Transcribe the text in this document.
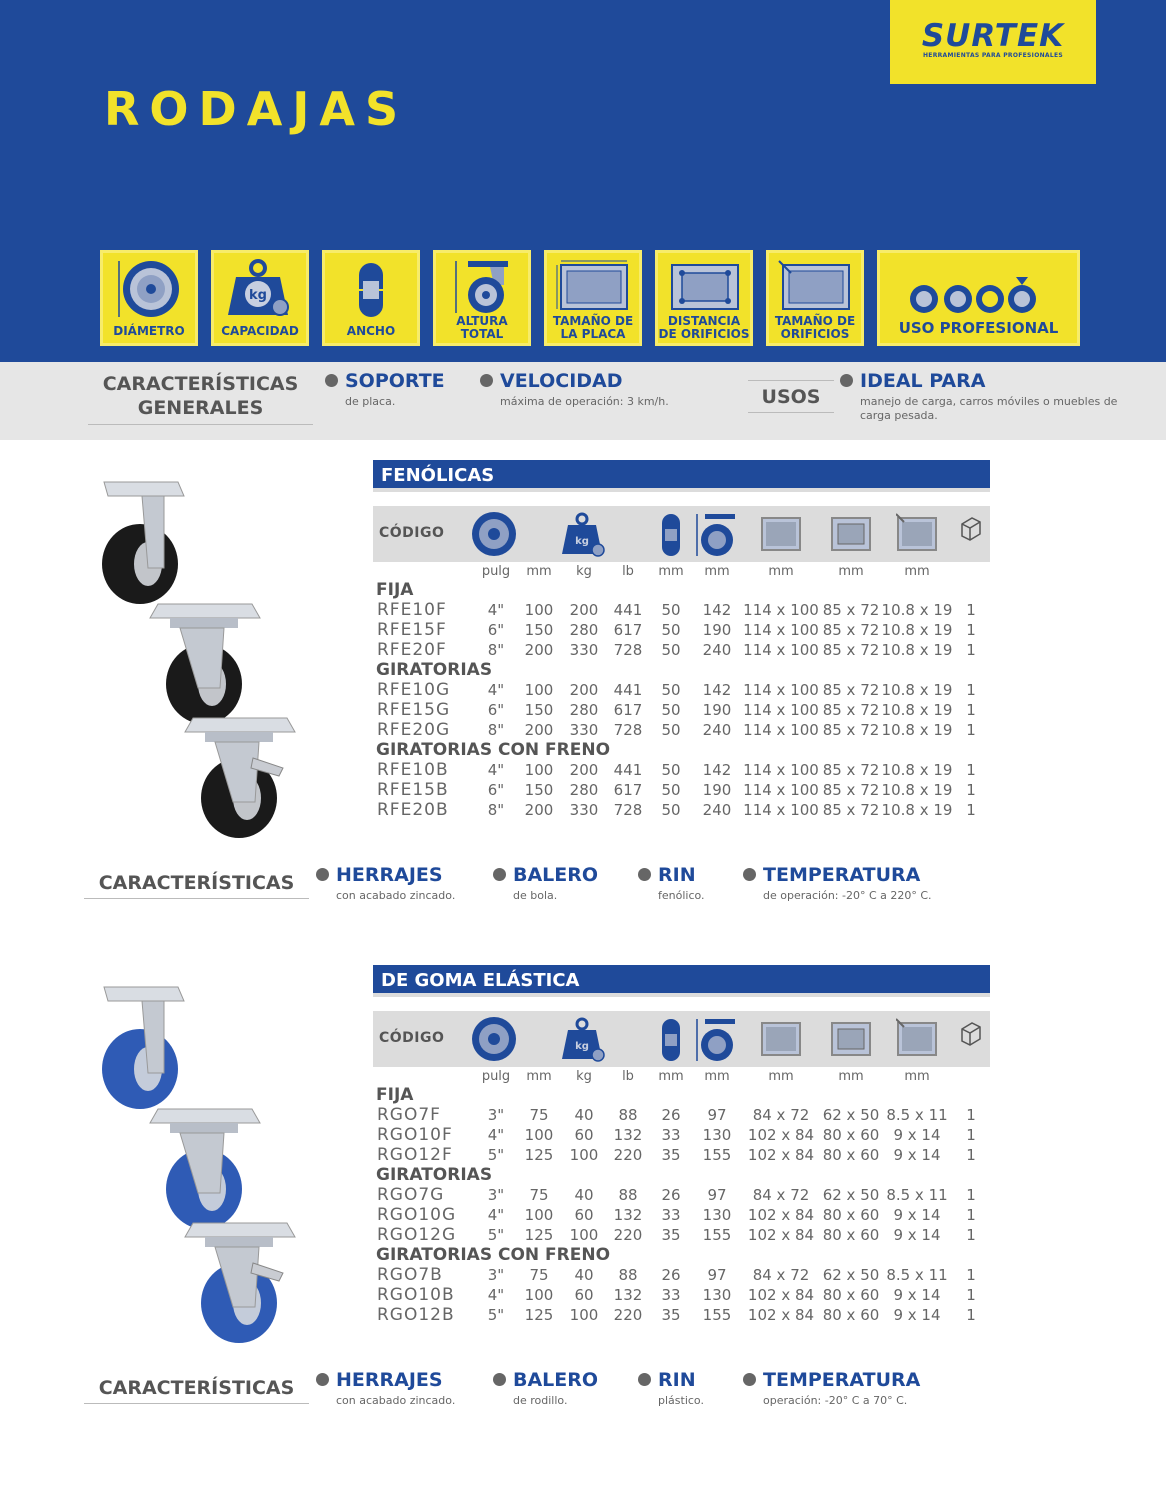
RODAJAS
SURTEK
HERRAMIENTAS PARA PROFESIONALES
DIÁMETRO
kg
CAPACIDAD	ANCHO
ALTURA TOTAL
TAMAÑO DE LA PLACA
DISTANCIA DE ORIFICIOS
TAMAÑO DE ORIFICIOS	USO PROFESIONAL
CARACTERÍSTICAS GENERALES
SOPORTE
de placa.
VELOCIDAD
máxima de operación: 3 km/h.	USOS
IDEAL PARA
manejo de carga, carros móviles o muebles de carga pesada.
FENÓLICAS
CÓDIGO
kg
pulg	mm	kg	lb	mm	mm	mm	mm	mm
FIJA
RFE10F	4"	100	200	441	50	142 114 x 100 85 x 72 10.8 x 19 1
RFE15F	6"	150	280	617	50	190 114 x 100 85 x 72 10.8 x 19 1
RFE20F	8"	200	330	728	50	240 114 x 100 85 x 72 10.8 x 19 1
GIRATORIAS
RFE10G	4"	100	200	441	50	142 114 x 100 85 x 72 10.8 x 19 1
RFE15G	6"	150	280	617	50	190 114 x 100 85 x 72 10.8 x 19 1
RFE20G	8"	200	330	728	50	240 114 x 100 85 x 72 10.8 x 19 1
GIRATORIAS CON FRENO
RFE10B	4"	100	200	441	50	142 114 x 100 85 x 72 10.8 x 19 1
RFE15B	6"	150	280	617	50	190 114 x 100 85 x 72 10.8 x 19 1
RFE20B	8"	200	330	728	50	240 114 x 100 85 x 72 10.8 x 19 1
CARACTERÍSTICAS	HERRAJES
con acabado zincado.
BALERO
de bola.
RIN
fenólico.
TEMPERATURA
de operación: -20° C a 220° C.
DE GOMA ELÁSTICA
CÓDIGO
kg
pulg	mm	kg	lb	mm	mm	mm	mm	mm
FIJA
RGO7F	3"	75	40	88	26	97	84 x 72 62 x 50 8.5 x 11	1
RGO10F	4"	100	60	132	33	130	102 x 84 80 x 60 9 x 14	1
RGO12F	5"	125	100	220	35	155	102 x 84 80 x 60 9 x 14	1
GIRATORIAS
RGO7G	3"	75	40	88	26	97	84 x 72 62 x 50 8.5 x 11	1
RGO10G	4"	100	60	132	33	130	102 x 84 80 x 60 9 x 14	1
RGO12G	5"	125	100	220	35	155	102 x 84 80 x 60 9 x 14	1
GIRATORIAS CON FRENO
RGO7B	3"	75	40	88	26	97	84 x 72 62 x 50 8.5 x 11	1
RGO10B	4"	100	60	132	33	130	102 x 84 80 x 60 9 x 14	1
RGO12B	5"	125	100	220	35	155	102 x 84 80 x 60 9 x 14	1
CARACTERÍSTICAS	HERRAJES
con acabado zincado.
BALERO
de rodillo.
RIN
plástico.
TEMPERATURA
operación: -20° C a 70° C.
